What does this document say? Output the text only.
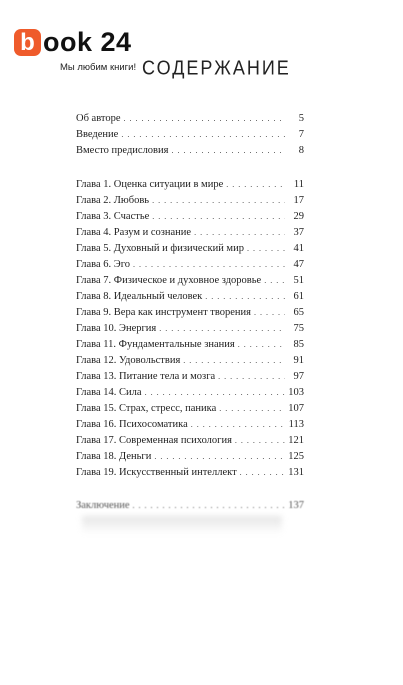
b ook 24
Мы любим книги! СОДЕРЖАНИЕ
Об авторе . . .	5
Введение . . .	7
Вместо предисловия . . .	8
Глава 1. Оценка ситуации в мире . . .	11
Глава 2. Любовь . . .	17
Глава 3. Счастье . . .	29
Глава 4. Разум и сознание . . .	37
Глава 5. Духовный и физический мир . . .	41
Глава 6. Эго . . .	47
Глава 7. Физическое и духовное здоровье . . .	51
Глава 8. Идеальный человек . . .	61
Глава 9. Вера как инструмент творения . . .	65
Глава 10. Энергия . . .	75
Глава 11. Фундаментальные знания . . .	85
Глава 12. Удовольствия . . .	91
Глава 13. Питание тела и мозга . . .	97
Глава 14. Сила . . .	103
Глава 15. Страх, стресс, паника . . .	107
Глава 16. Психосоматика . . .	113
Глава 17. Современная психология . . .	121
Глава 18. Деньги . . .	125
Глава 19. Искусственный интеллект . . .	131
Заключение . . .	137
